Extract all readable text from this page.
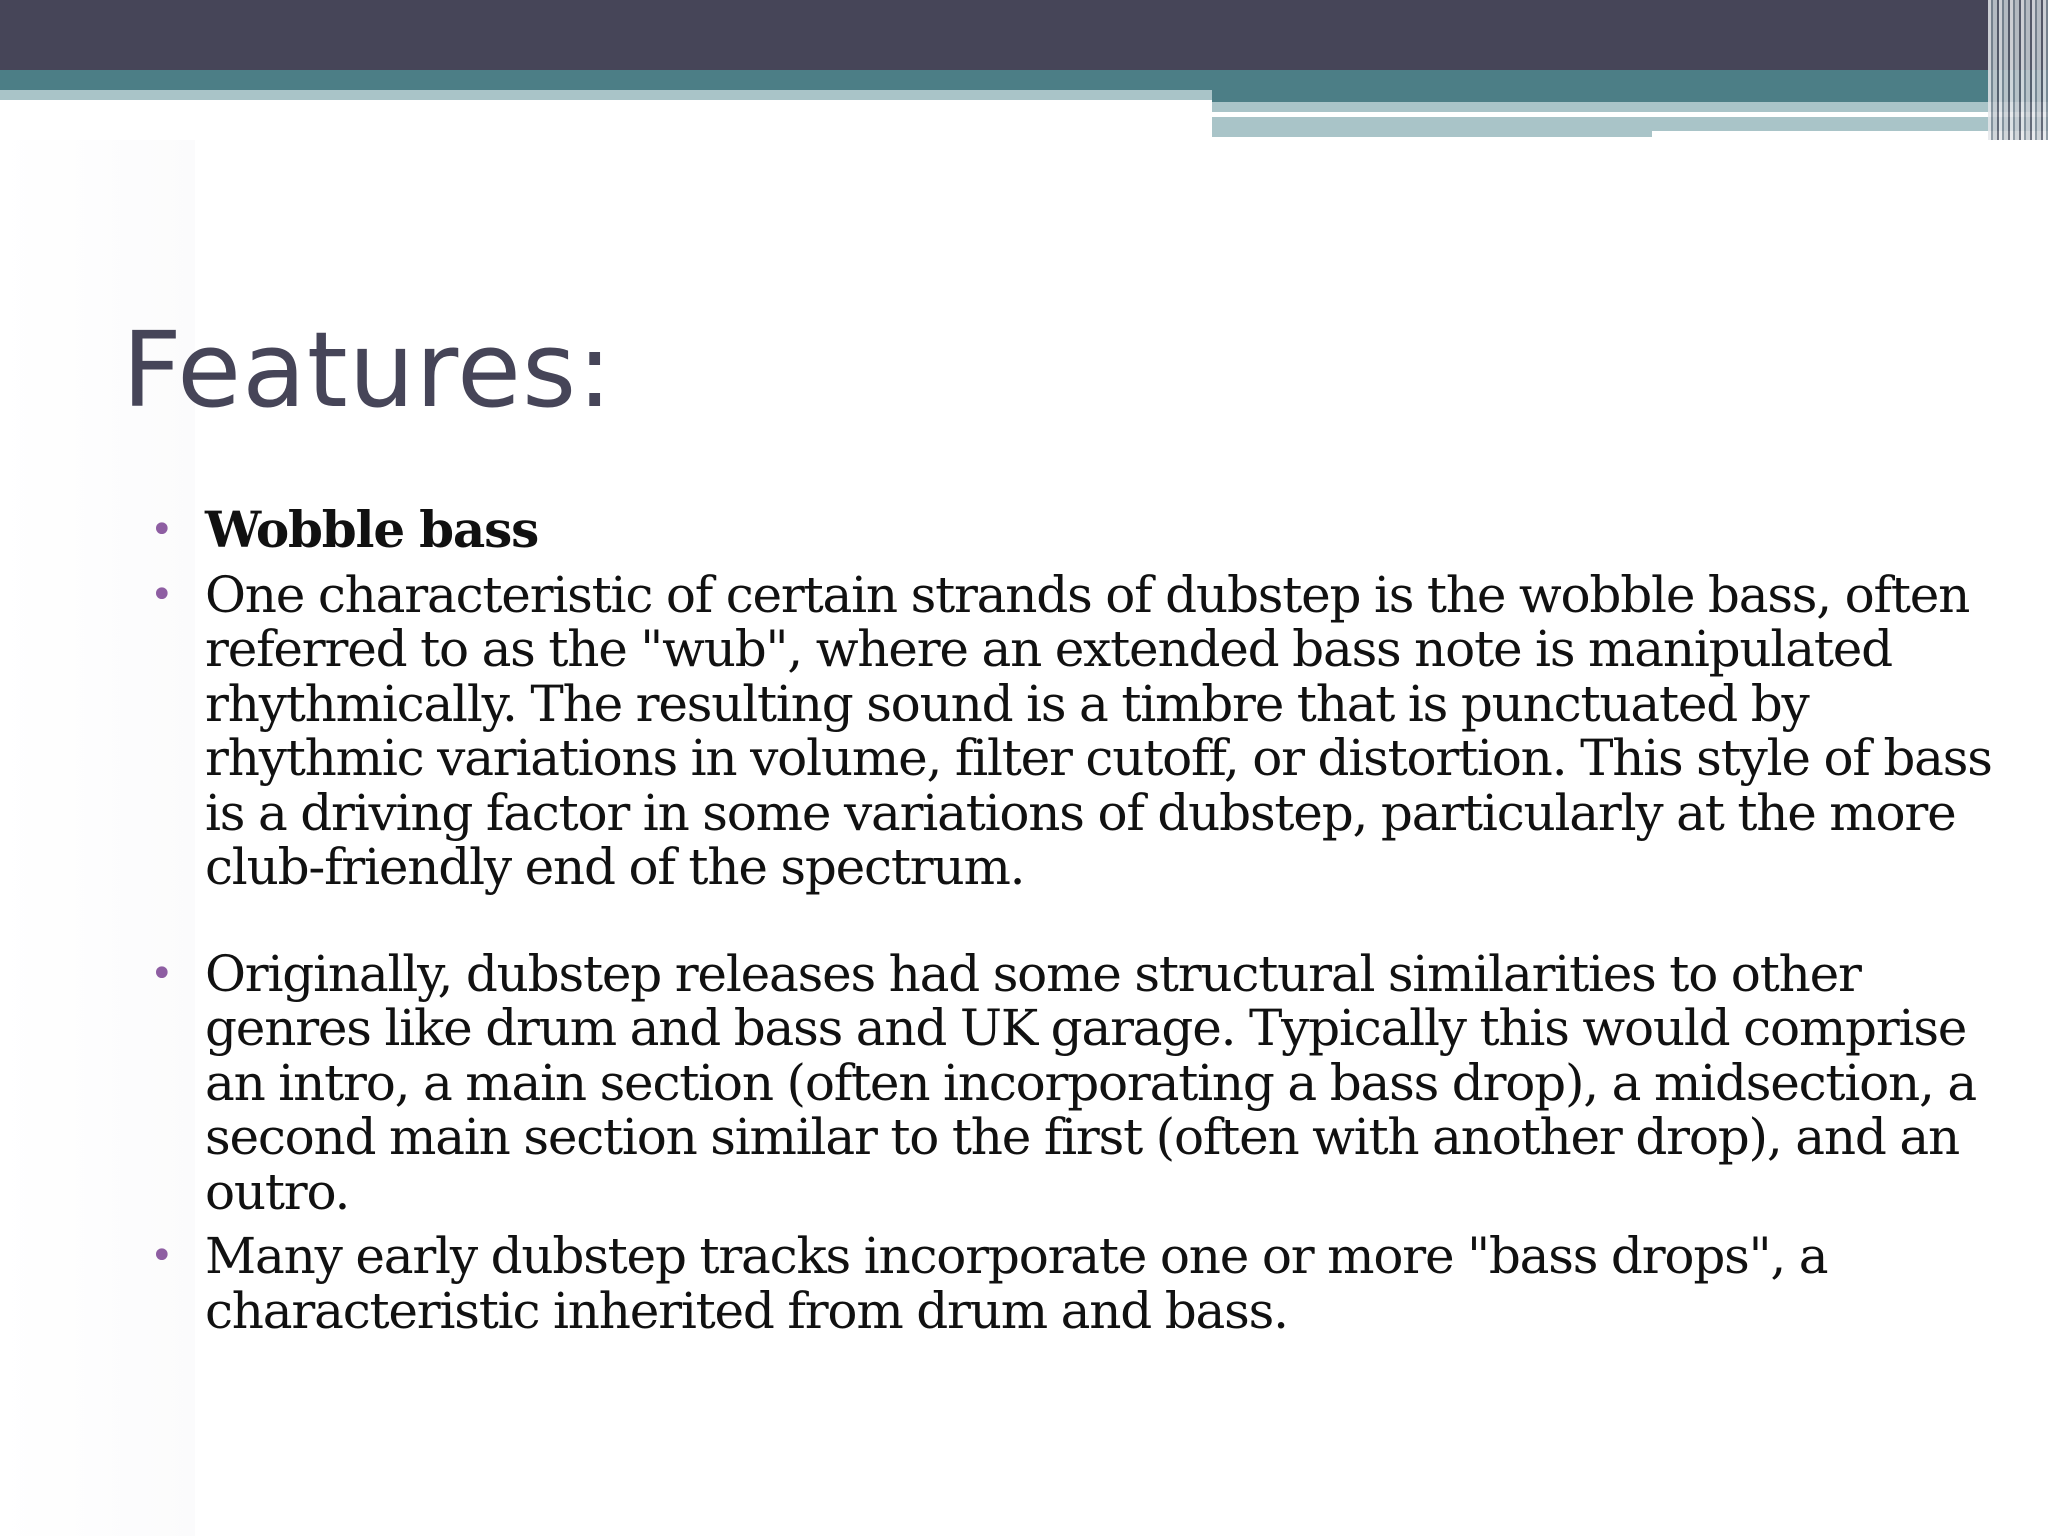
Features:
• Wobble bass
• One characteristic of certain strands of dubstep is the wobble bass, often referred to as the "wub", where an extended bass note is manipulated rhythmically. The resulting sound is a timbre that is punctuated by rhythmic variations in volume, filter cutoff, or distortion. This style of bass is a driving factor in some variations of dubstep, particularly at the more club-friendly end of the spectrum.
• Originally, dubstep releases had some structural similarities to other genres like drum and bass and UK garage. Typically this would comprise an intro, a main section (often incorporating a bass drop), a midsection, a second main section similar to the first (often with another drop), and an outro.
• Many early dubstep tracks incorporate one or more "bass drops", a characteristic inherited from drum and bass.
